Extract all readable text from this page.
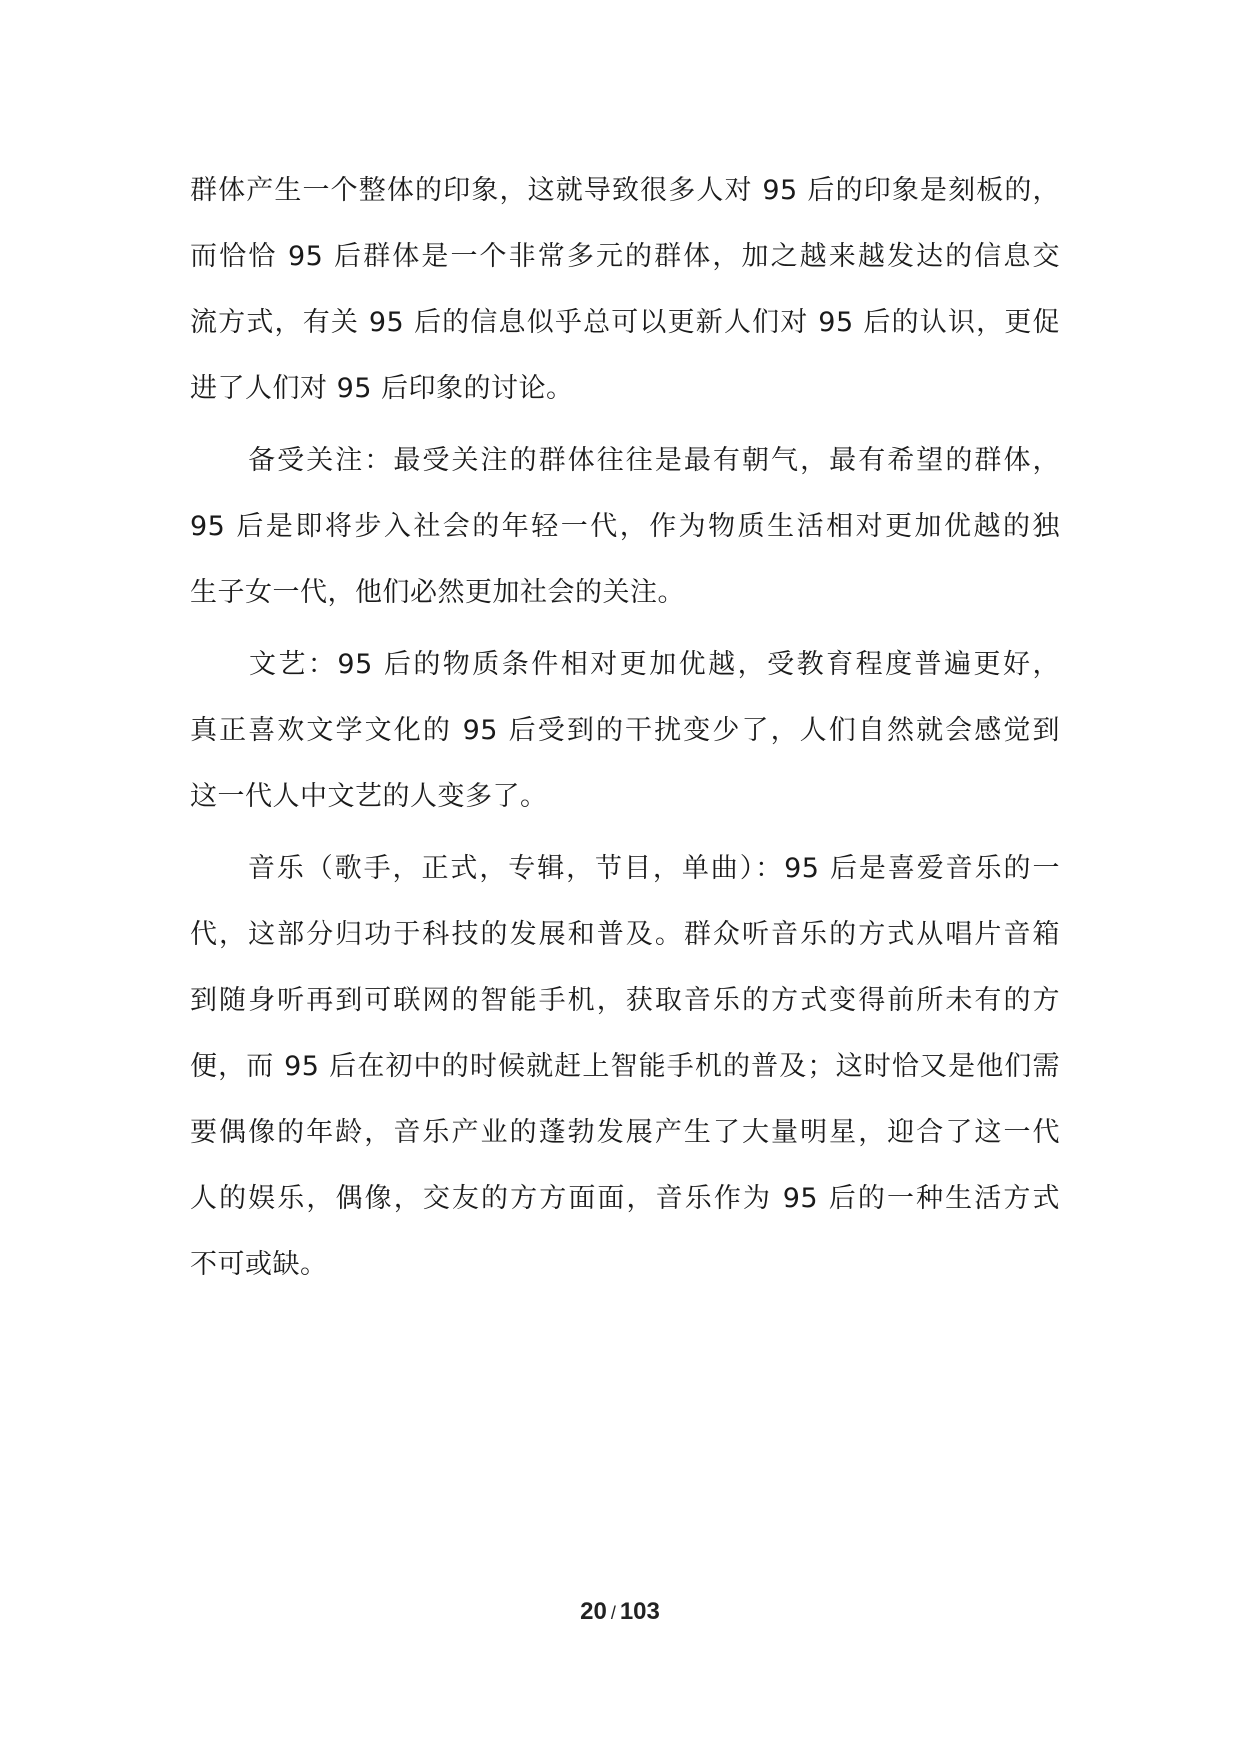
群体产生一个整体的印象，这就导致很多人对 95 后的印象是刻板的，
而恰恰 95 后群体是一个非常多元的群体，加之越来越发达的信息交
流方式，有关 95 后的信息似乎总可以更新人们对 95 后的认识，更促
进了人们对 95 后印象的讨论。
　　备受关注：最受关注的群体往往是最有朝气，最有希望的群体，
95 后是即将步入社会的年轻一代，作为物质生活相对更加优越的独
生子女一代，他们必然更加社会的关注。
　　文艺：95 后的物质条件相对更加优越，受教育程度普遍更好，
真正喜欢文学文化的 95 后受到的干扰变少了，人们自然就会感觉到
这一代人中文艺的人变多了。
　　音乐（歌手，正式，专辑，节目，单曲）：95 后是喜爱音乐的一
代，这部分归功于科技的发展和普及。群众听音乐的方式从唱片音箱
到随身听再到可联网的智能手机，获取音乐的方式变得前所未有的方
便，而 95 后在初中的时候就赶上智能手机的普及；这时恰又是他们需
要偶像的年龄，音乐产业的蓬勃发展产生了大量明星，迎合了这一代
人的娱乐，偶像，交友的方方面面，音乐作为 95 后的一种生活方式
不可或缺。
20 / 103
